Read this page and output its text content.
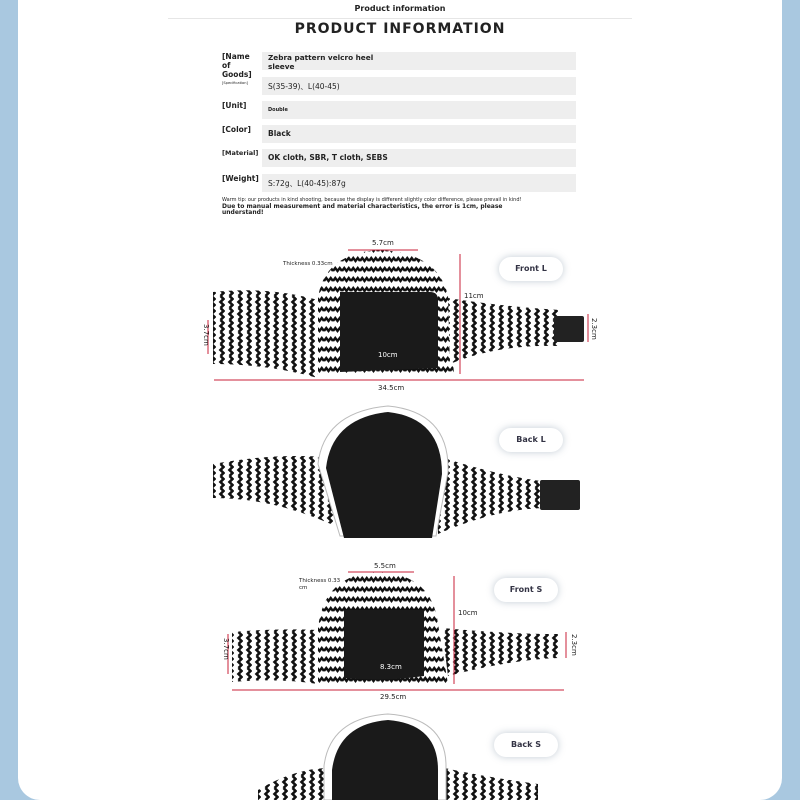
Product information
PRODUCT INFORMATION
[Name of Goods]
Zebra pattern velcro heel sleeve
[Specification]	S(35-39)、L(40-45)
[Unit]	Double
[Color]	Black
[Material] OK cloth, SBR, T cloth, SEBS
[Weight]
S:72g、L(40-45):87g
Warm tip: our products in kind shooting, because the display is different slightly color difference, please prevail in kind!
Due to manual measurement and material characteristics, the error is 1cm, please understand!
Front L
Back L
Front S
Back S
5.7cm
Thickness 0.33cm
11cm
10cm
34.5cm
3.7cm	2.3cm
5.5cm
Thickness 0.33 cm
10cm
8.3cm
29.5cm
3.7cm	2.3cm
